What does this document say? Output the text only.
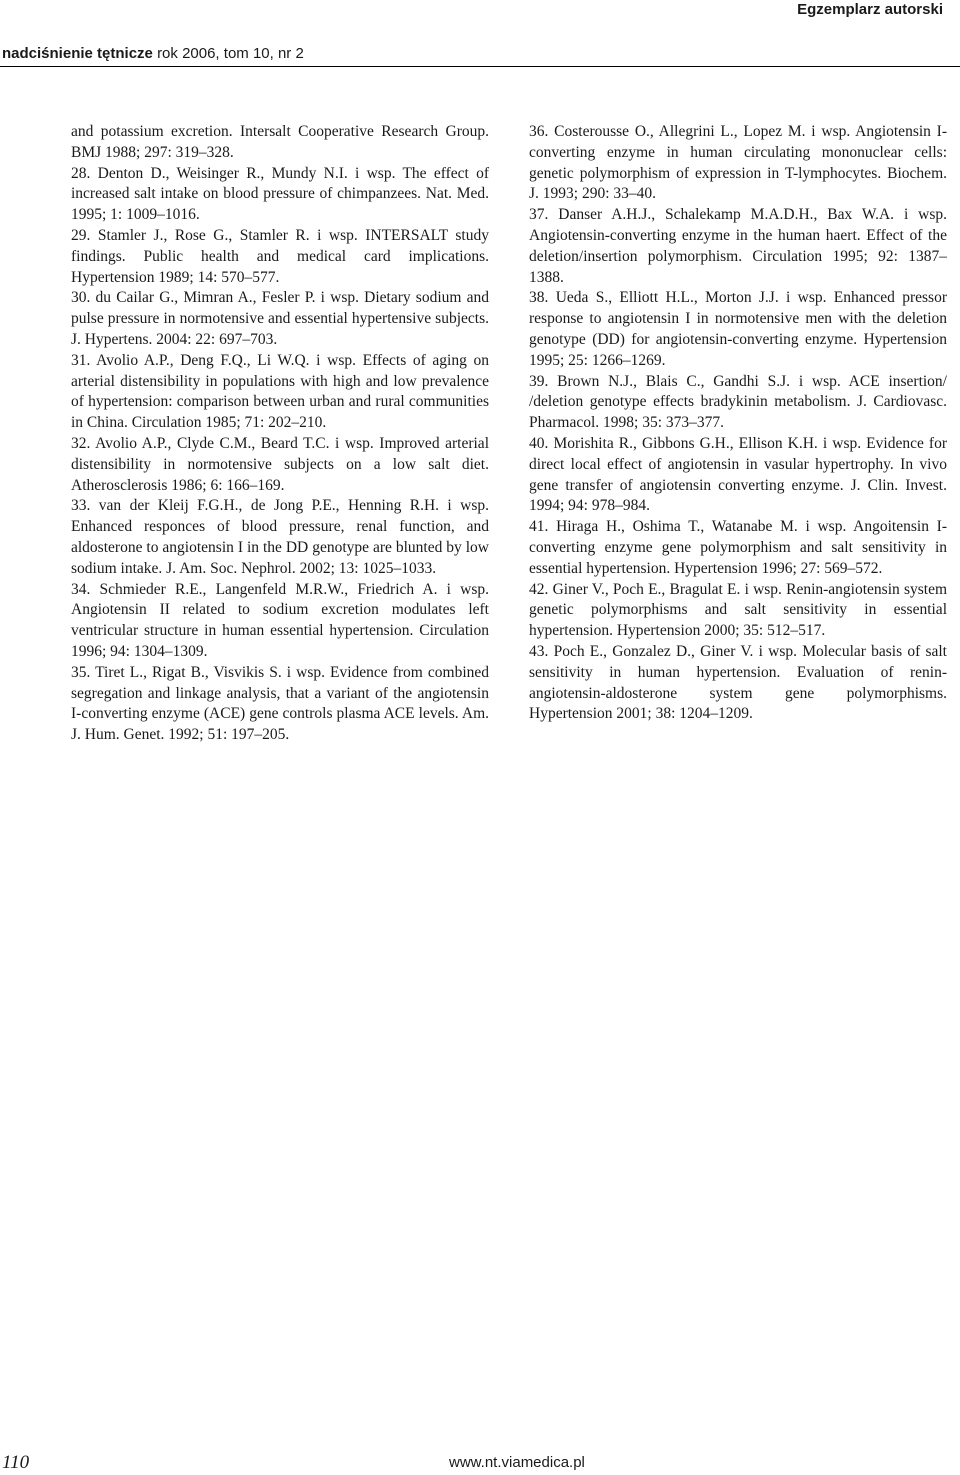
Egzemplarz autorski
nadciśnienie tętnicze rok 2006, tom 10, nr 2

and potassium excretion. Intersalt Cooperative Research Group. BMJ 1988; 297: 319–328.

28. Denton D., Weisinger R., Mundy N.I. i wsp. The effect of increased salt intake on blood pressure of chimpanzees. Nat. Med. 1995; 1: 1009–1016.

29. Stamler J., Rose G., Stamler R. i wsp. INTERSALT study findings. Public health and medical card implications. Hypertension 1989; 14: 570–577.

30. du Cailar G., Mimran A., Fesler P. i wsp. Dietary sodium and pulse pressure in normotensive and essential hypertensive subjects. J. Hypertens. 2004: 22: 697–703.

31. Avolio A.P., Deng F.Q., Li W.Q. i wsp. Effects of aging on arterial distensibility in populations with high and low prevalence of hypertension: comparison between urban and rural communities in China. Circulation 1985; 71: 202–210.

32. Avolio A.P., Clyde C.M., Beard T.C. i wsp. Improved arterial distensibility in normotensive subjects on a low salt diet. Atherosclerosis 1986; 6: 166–169.

33. van der Kleij F.G.H., de Jong P.E., Henning R.H. i wsp. Enhanced responces of blood pressure, renal function, and aldosterone to angiotensin I in the DD genotype are blunted by low sodium intake. J. Am. Soc. Nephrol. 2002; 13: 1025–1033.

34. Schmieder R.E., Langenfeld M.R.W., Friedrich A. i wsp. Angiotensin II related to sodium excretion modulates left ventricular structure in human essential hypertension. Circulation 1996; 94: 1304–1309.

35. Tiret L., Rigat B., Visvikis S. i wsp. Evidence from combined segregation and linkage analysis, that a variant of the angiotensin I-converting enzyme (ACE) gene controls plasma ACE levels. Am. J. Hum. Genet. 1992; 51: 197–205.

36. Costerousse O., Allegrini L., Lopez M. i wsp. Angiotensin I-converting enzyme in human circulating mononuclear cells: genetic polymorphism of expression in T-lymphocytes. Biochem. J. 1993; 290: 33–40.

37. Danser A.H.J., Schalekamp M.A.D.H., Bax W.A. i wsp. Angiotensin-converting enzyme in the human haert. Effect of the deletion/insertion polymorphism. Circulation 1995; 92: 1387–1388.

38. Ueda S., Elliott H.L., Morton J.J. i wsp. Enhanced pressor response to angiotensin I in normotensive men with the deletion genotype (DD) for angiotensin-converting enzyme. Hypertension 1995; 25: 1266–1269.

39. Brown N.J., Blais C., Gandhi S.J. i wsp. ACE insertion/ /deletion genotype effects bradykinin metabolism. J. Cardiovasc. Pharmacol. 1998; 35: 373–377.

40. Morishita R., Gibbons G.H., Ellison K.H. i wsp. Evidence for direct local effect of angiotensin in vasular hypertrophy. In vivo gene transfer of angiotensin converting enzyme. J. Clin. Invest. 1994; 94: 978–984.

41. Hiraga H., Oshima T., Watanabe M. i wsp. Angoitensin I-converting enzyme gene polymorphism and salt sensitivity in essential hypertension. Hypertension 1996; 27: 569–572.

42. Giner V., Poch E., Bragulat E. i wsp. Renin-angiotensin system genetic polymorphisms and salt sensitivity in essential hypertension. Hypertension 2000; 35: 512–517.

43. Poch E., Gonzalez D., Giner V. i wsp. Molecular basis of salt sensitivity in human hypertension. Evaluation of renin-angiotensin-aldosterone system gene polymorphisms. Hypertension 2001; 38: 1204–1209.

110	www.nt.viamedica.pl
